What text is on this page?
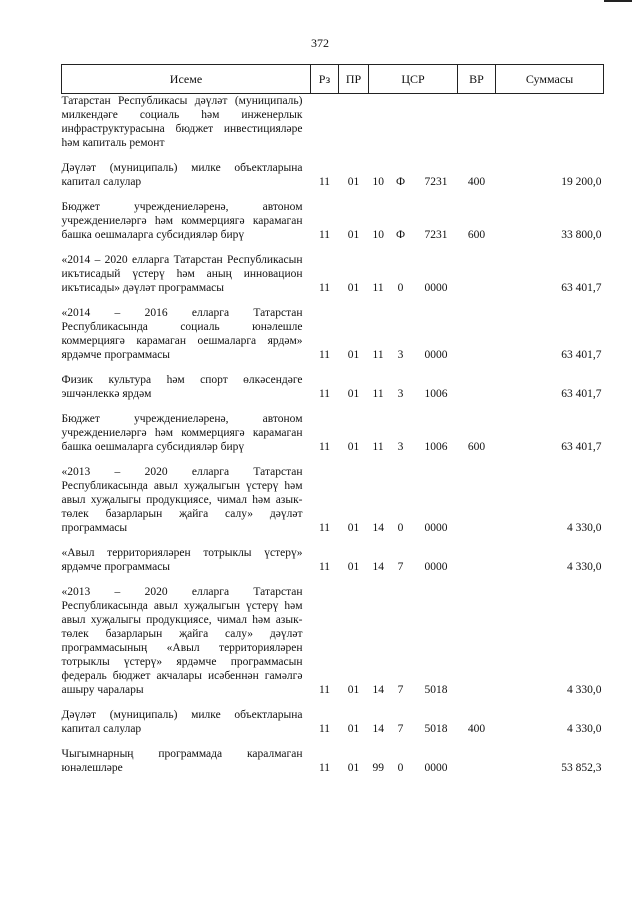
372
Исеме	Рз	ПР	ЦСР			ВР	Суммасы
Татарстан Республикасы дәүләт (муниципаль) милкендәге социаль һәм инженерлык инфраструктурасына бюджет инвестицияләре һәм капиталь ремонт							
Дәүләт (муниципаль) милке объектларына капитал салулар	11	01	10	Ф	7231	400	19 200,0
Бюджет учреждениеләренә, автоном учреждениеләргә һәм коммерциягә карамаган башка оешмаларга субсидияләр бирү	11	01	10	Ф	7231	600	33 800,0
«2014 – 2020 елларга Татарстан Республикасын икътисадый үстерү һәм аның инновацион икътисады» дәүләт программасы	11	01	11	0	0000		63 401,7
«2014 – 2016 елларга Татарстан Республикасында социаль юнәлешле коммерциягә карамаган оешмаларга ярдәм» ярдәмче программасы	11	01	11	3	0000		63 401,7
Физик культура һәм спорт өлкәсендәге эшчәнлеккә ярдәм	11	01	11	3	1006		63 401,7
Бюджет учреждениеләренә, автоном учреждениеләргә һәм коммерциягә карамаган башка оешмаларга субсидияләр бирү	11	01	11	3	1006	600	63 401,7
«2013 – 2020 елларга Татарстан Республикасында авыл хуҗалыгын үстерү һәм авыл хуҗалыгы продукциясе, чимал һәм азык-төлек базарларын җайга салу» дәүләт программасы	11	01	14	0	0000		4 330,0
«Авыл территорияләрен тотрыклы үстерү» ярдәмче программасы	11	01	14	7	0000		4 330,0
«2013 – 2020 елларга Татарстан Республикасында авыл хуҗалыгын үстерү һәм авыл хуҗалыгы продукциясе, чимал һәм азык-төлек базарларын җайга салу» дәүләт программасының «Авыл территорияләрен тотрыклы үстерү» ярдәмче программасын федераль бюджет акчалары исәбеннән гамәлгә ашыру чаралары	11	01	14	7	5018		4 330,0
Дәүләт (муниципаль) милке объектларына капитал салулар	11	01	14	7	5018	400	4 330,0
Чыгымнарның программада каралмаган юнәлешләре	11	01	99	0	0000		53 852,3
